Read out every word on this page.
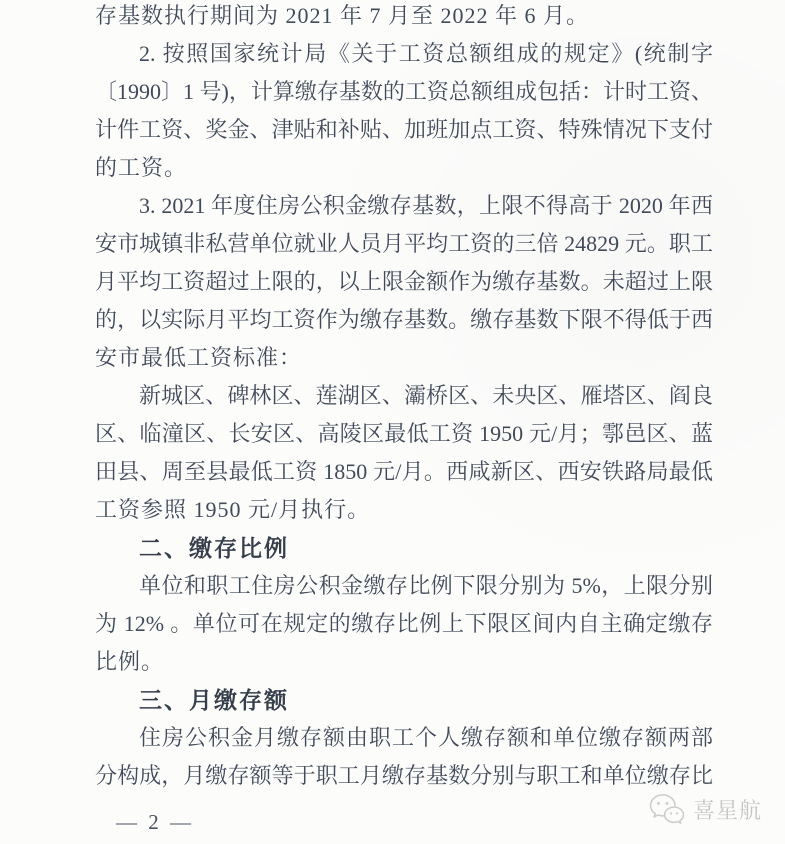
存基数执行期间为 2021 年 7 月至 2022 年 6 月。
2. 按照国家统计局《关于工资总额组成的规定》(统制字
〔1990〕1 号)，计算缴存基数的工资总额组成包括：计时工资、
计件工资、奖金、津贴和补贴、加班加点工资、特殊情况下支付
的工资。
3. 2021 年度住房公积金缴存基数，上限不得高于 2020 年西
安市城镇非私营单位就业人员月平均工资的三倍 24829 元。职工
月平均工资超过上限的，以上限金额作为缴存基数。未超过上限
的，以实际月平均工资作为缴存基数。缴存基数下限不得低于西
安市最低工资标准：
新城区、碑林区、莲湖区、灞桥区、未央区、雁塔区、阎良
区、临潼区、长安区、高陵区最低工资 1950 元/月；鄠邑区、蓝
田县、周至县最低工资 1850 元/月。西咸新区、西安铁路局最低
工资参照 1950 元/月执行。
二、缴存比例
单位和职工住房公积金缴存比例下限分别为 5%，上限分别
为 12% 。单位可在规定的缴存比例上下限区间内自主确定缴存
比例。
三、月缴存额
住房公积金月缴存额由职工个人缴存额和单位缴存额两部
分构成，月缴存额等于职工月缴存基数分别与职工和单位缴存比
— 2 —	喜星航
